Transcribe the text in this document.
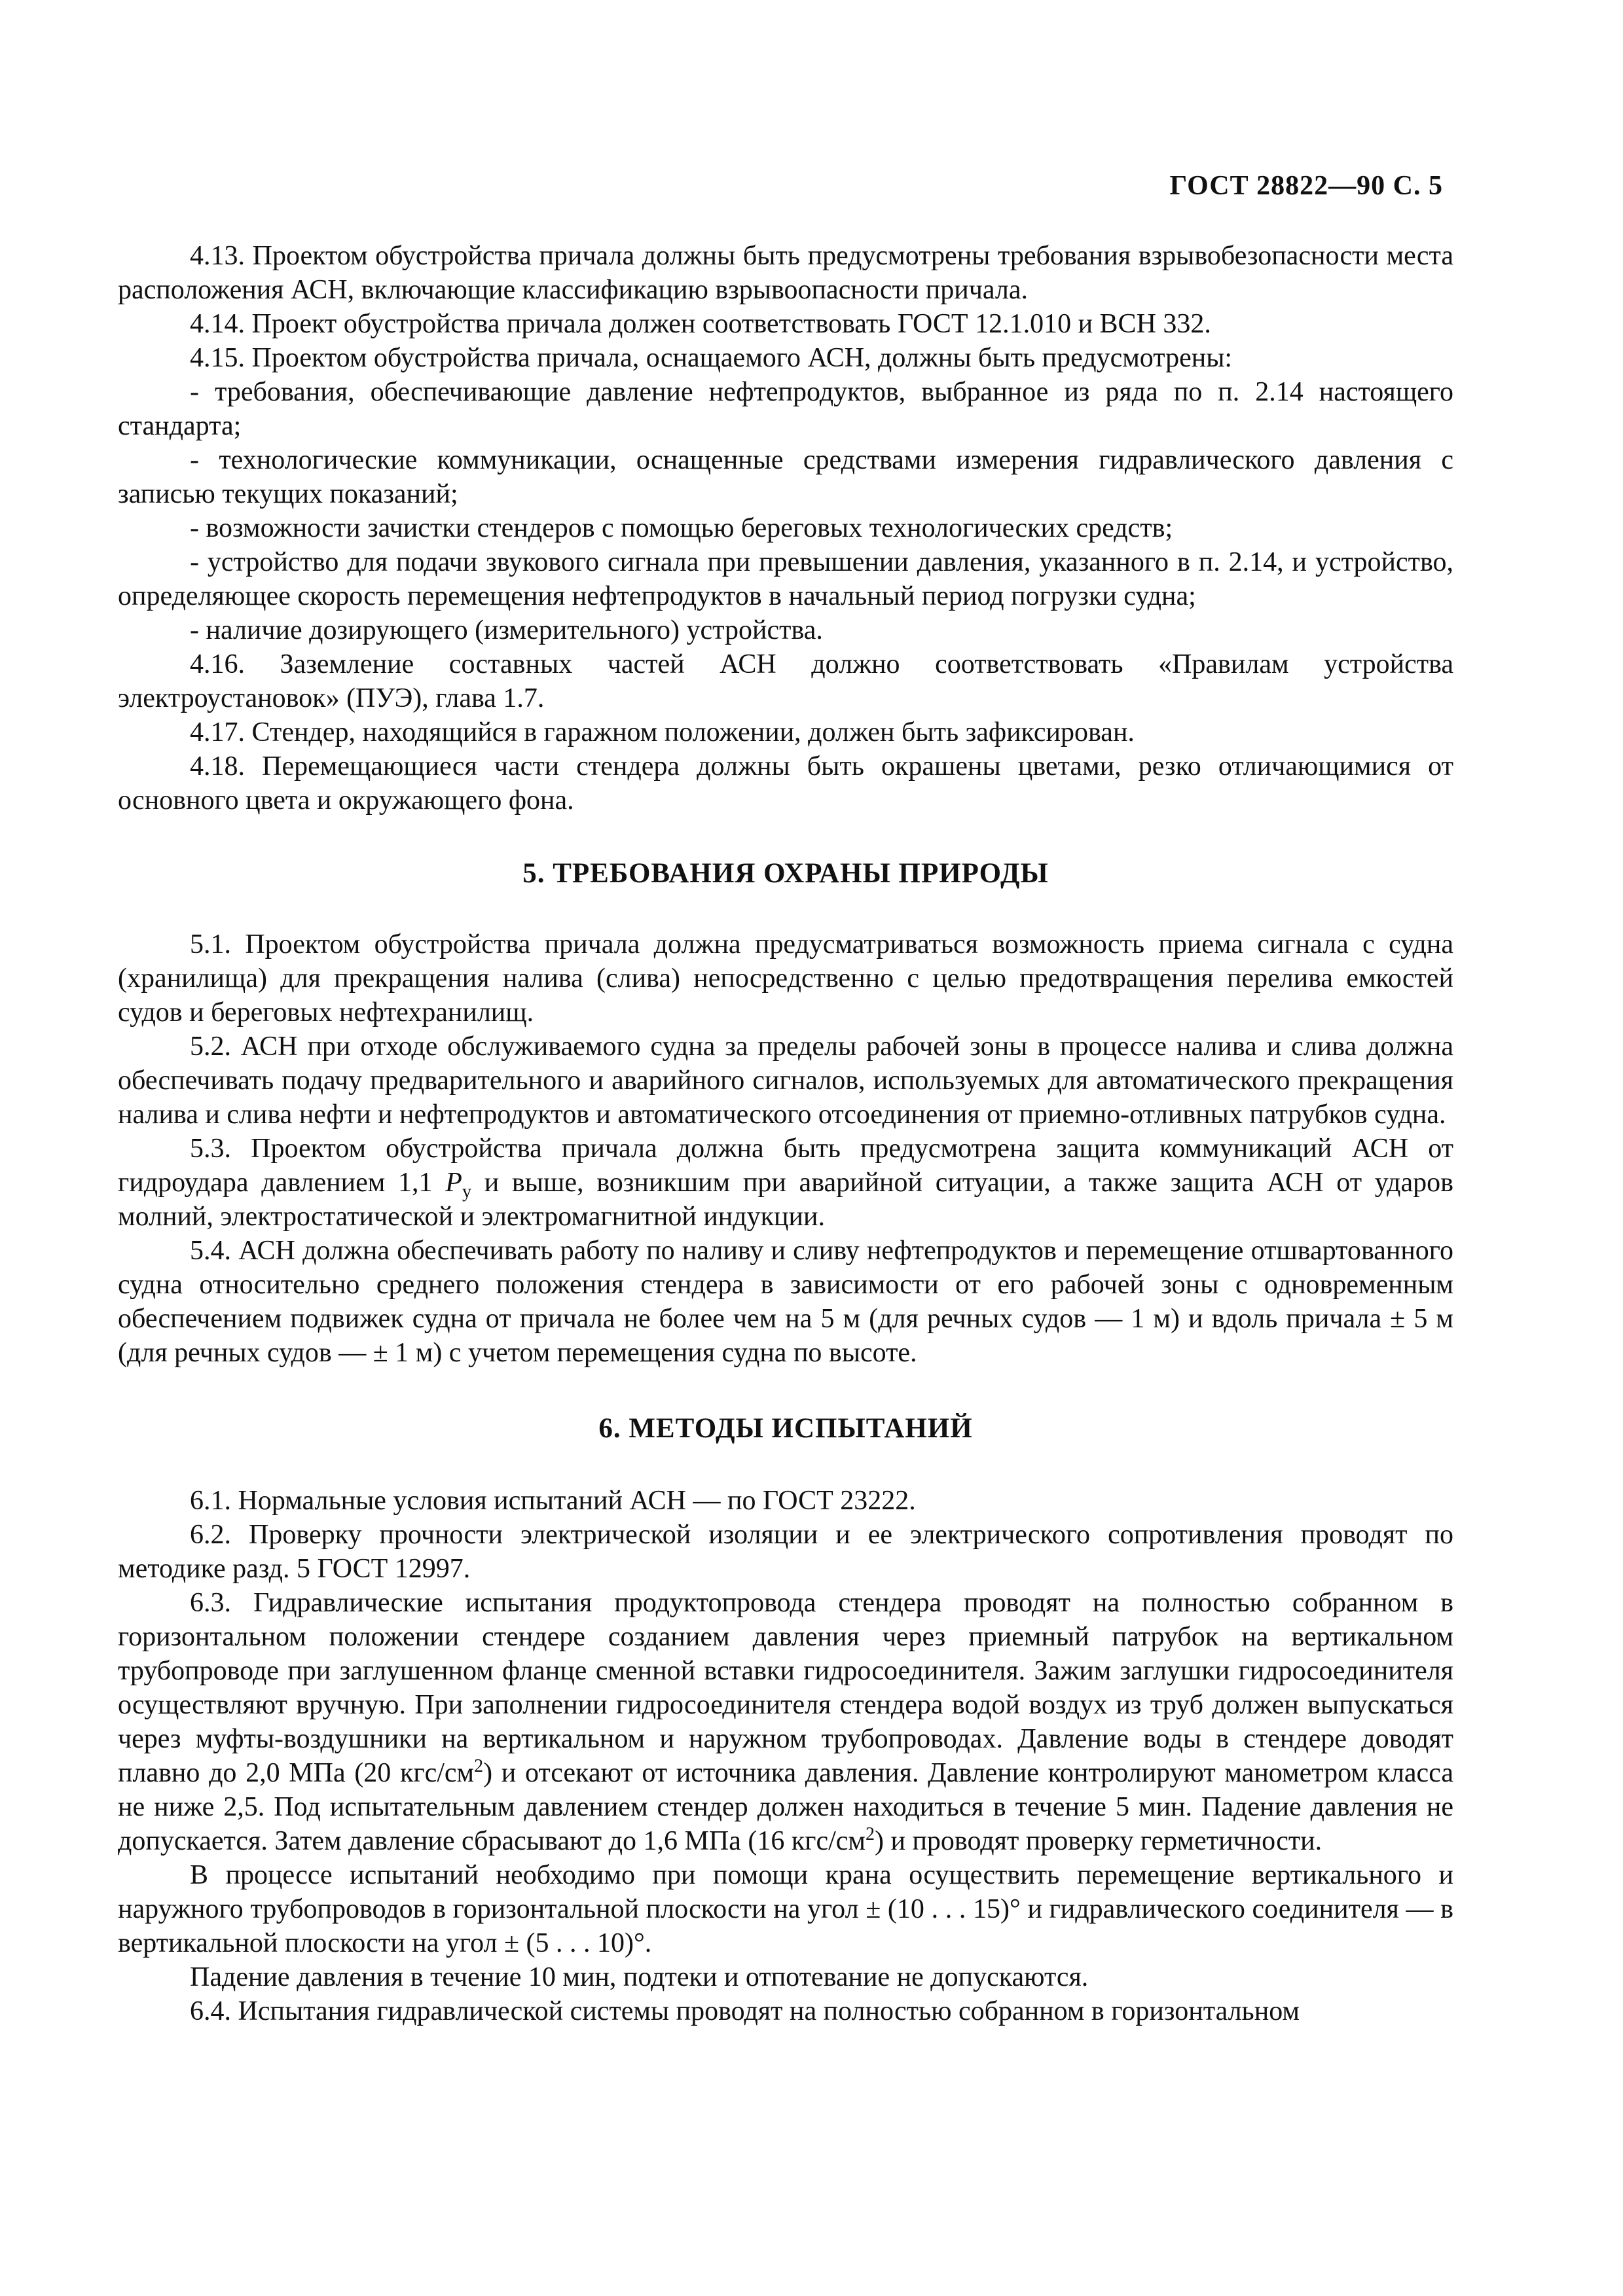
ГОСТ 28822—90 С. 5

4.13. Проектом обустройства причала должны быть предусмотрены требования взрывобезопасности места расположения АСН, включающие классификацию взрывоопасности причала.

4.14. Проект обустройства причала должен соответствовать ГОСТ 12.1.010 и ВСН 332.

4.15. Проектом обустройства причала, оснащаемого АСН, должны быть предусмотрены:

- требования, обеспечивающие давление нефтепродуктов, выбранное из ряда по п. 2.14 настоящего стандарта;

- технологические коммуникации, оснащенные средствами измерения гидравлического давления с записью текущих показаний;

- возможности зачистки стендеров с помощью береговых технологических средств;

- устройство для подачи звукового сигнала при превышении давления, указанного в п. 2.14, и устройство, определяющее скорость перемещения нефтепродуктов в начальный период погрузки судна;

- наличие дозирующего (измерительного) устройства.

4.16. Заземление составных частей АСН должно соответствовать «Правилам устройства электроустановок» (ПУЭ), глава 1.7.

4.17. Стендер, находящийся в гаражном положении, должен быть зафиксирован.

4.18. Перемещающиеся части стендера должны быть окрашены цветами, резко отличающимися от основного цвета и окружающего фона.

5. ТРЕБОВАНИЯ ОХРАНЫ ПРИРОДЫ

5.1. Проектом обустройства причала должна предусматриваться возможность приема сигнала с судна (хранилища) для прекращения налива (слива) непосредственно с целью предотвращения перелива емкостей судов и береговых нефтехранилищ.

5.2. АСН при отходе обслуживаемого судна за пределы рабочей зоны в процессе налива и слива должна обеспечивать подачу предварительного и аварийного сигналов, используемых для автоматического прекращения налива и слива нефти и нефтепродуктов и автоматического отсоединения от приемно-отливных патрубков судна.

5.3. Проектом обустройства причала должна быть предусмотрена защита коммуникаций АСН от гидроудара давлением 1,1 $P_у$ и выше, возникшим при аварийной ситуации, а также защита АСН от ударов молний, электростатической и электромагнитной индукции.

5.4. АСН должна обеспечивать работу по наливу и сливу нефтепродуктов и перемещение отшвартованного судна относительно среднего положения стендера в зависимости от его рабочей зоны с одновременным обеспечением подвижек судна от причала не более чем на 5 м (для речных судов — 1 м) и вдоль причала ± 5 м (для речных судов — ± 1 м) с учетом перемещения судна по высоте.

6. МЕТОДЫ ИСПЫТАНИЙ

6.1. Нормальные условия испытаний АСН — по ГОСТ 23222.

6.2. Проверку прочности электрической изоляции и ее электрического сопротивления проводят по методике разд. 5 ГОСТ 12997.

6.3. Гидравлические испытания продуктопровода стендера проводят на полностью собранном в горизонтальном положении стендере созданием давления через приемный патрубок на вертикальном трубопроводе при заглушенном фланце сменной вставки гидросоединителя. Зажим заглушки гидросоединителя осуществляют вручную. При заполнении гидросоединителя стендера водой воздух из труб должен выпускаться через муфты-воздушники на вертикальном и наружном трубопроводах. Давление воды в стендере доводят плавно до 2,0 МПа (20 кгс/$см^2$) и отсекают от источника давления. Давление контролируют манометром класса не ниже 2,5. Под испытательным давлением стендер должен находиться в течение 5 мин. Падение давления не допускается. Затем давление сбрасывают до 1,6 МПа (16 кгс/$см^2$) и проводят проверку герметичности.

В процессе испытаний необходимо при помощи крана осуществить перемещение вертикального и наружного трубопроводов в горизонтальной плоскости на угол ± (10 . . . 15)° и гидравлического соединителя — в вертикальной плоскости на угол ± (5 . . . 10)°.

Падение давления в течение 10 мин, подтеки и отпотевание не допускаются.

6.4. Испытания гидравлической системы проводят на полностью собранном в горизонтальном
